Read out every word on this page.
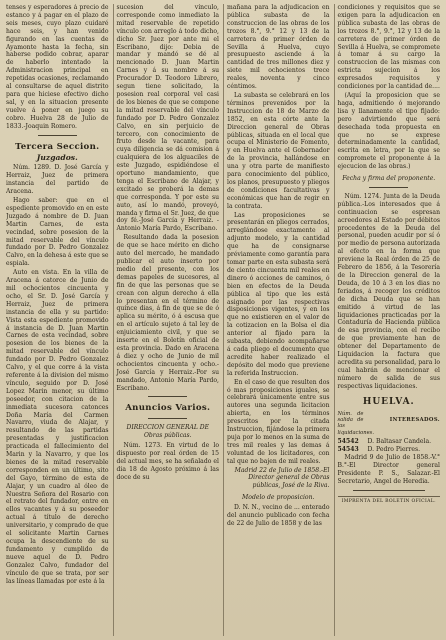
tenses y esperadores á precio de estanco y á pagar en el plazo de seis meses, cuyo plazo cuidaré hace seis, y han venido figurando en las cuentas de Ayamonte hasta la fecha, sin haberse podido cobrar, aparar de haberlo intentado la Administracion principal en repetidas ocasiones, reclamando al consultarse de aquel distrito para que hiciese efectivo dicho sal, y en la situacion presente vuelve á poner en juego su cobro. Huelva 28 de Julio de 1833.-Joaquin Romero.

Tercera Seccion.
Juzgados.

Núm. 1289. D. José García y Herraiz, Juez de primera instancia del partido de Aracena.

Hago saber: que en el espediente promovido en en este Juzgado á nombre de D. Juan Martin Carnes, de esta vecindad, sobre posesion de la mitad reservable del vínculo fundado por D. Pedro Gonzalez Calvo, en la dehesa á este que se espiala.

Auto en vista. En la villa de Aracena á catorce de Junio de mil ochocientos cincuenta y ocho, el Sr. D. José García y Herraiz, Juez de primera instancia de ella y su partido: Vista esta espediente promovido á instancia de D. Juan Martin Carnes de esta vecindad, sobre posesion de los bienes de la mitad reservable del vínculo fundado por D. Pedro Gonzalez Calvo, y el que corre á la vista referente á la division del mismo vínculo, seguido por D. José Lopez Marin menor, su último poseedor, con citacion de la inmediata sucesora catonces Doña María del Carmen Navarro, viuda de Alajar, y resultando de las partidas presentadas y justificacion practicada el fallecimiento del Marin y la Navarro, y que los bienes de la mitad reservable corresponden en un último, sito del Gayo, término de esta de Alajar, y un cuadro al óleo de Nuestra Señora del Rosario con el retrato del fundador, entre en ellos vacantes y á su poseedor actual á título de derecho universitario, y comprado de que el solicitante Martin Carnes ocupa la descendiente de su fundamento y cumplido de nueve aquel de D. Pedro Gonzalez Calvo, fundador del vínculo de que se trata, por ser las líneas llamadas por este á la

sucesion del vínculo, corresponde como inmediato la mitad reservable de repetido vínculo con arreglo á todo dicho, dicho Sr. Juez por ante mi el Escribano, dijo: Debia de mandar y mandó se dé al mencionado D. Juan Martin Carnes y á su nombre á su Procurador D. Teodoro Librero, segun tiene solicitado, la posesion real corporal vel casi de los bienes de que se compone la mitad reservable del vínculo fundado por D. Pedro Gonzalez Calvo, en sin perjuicio de tercero, con conocimiento de fruto desde la vacante, para cuya diligencia se dá comision á cualquiera de los alguaciles de este Juzgado, espidiéndose el oportuno mandamiento, que tenga el Escribano de Alajar, y excitado se proberá la demas que corresponda. Y por este su auto, así lo mandó, proveyó, manda y firma el Sr. Juez, de que doy fé.-José García y Herraiz. -Antonio María Pardo, Escribano.

Resultando dada la posesion de que se hace mérito en dicho auto del mercado, he mandado publicar el auto inserto por medio del presente, con los demas papeles de sucesores, al fin de que las personas que se crean con algun derecho á ella lo presentan en el término de quince dias, á fin de que se de ó aplica su mérito, ó á escusa que en el artículo sujeto á tal ley de enjuiciamiento civil, y que se inserte en el Boletín oficial de esta provincia. Dado en Aracena á diez y ocho de Junio de mil ochocientos cincuenta y ocho.-José García y Herraiz.-Por su mandado, Antonio María Pardo, Escribano.

Anuncios Varios.
DIRECCION GENERAL DE Obras públicas.

Núm. 1273. En virtud de lo dispuesto por real órden de 15 del actual mes, se ha señalado el dia 18 de Agosto próximo á las doce de su

mañana para la adjudicacion en pública subasta de la construccion de las obras de los trozos 8.°, 9.° 12 y 13 de la carretera de primer órden de Sevilla á Huelva, cuyo presupuesto asciende á la cantidad de tres millones diez y siete mil ochocientos trece reales, noventa y cinco céntimos.

La subasta se celebrará en los términos prevenidos por la Instruccion de 18 de Marzo de 1852, en esta córte ante la Direccion general de Obras públicas, situada en el local que ocupa el Ministerio de Fomento, y en Huelva ante el Gobernador de la provincia, hallándose en una y otra parte de manifiesto para conocimiento del público, los planos, presupuesto y pliegos de condiciones facultativas y económicas que han de regir en la contrata.

Las proposiciones se presentarán en pliegos cerrados, arreglándose exactamente al adjunto modelo, y la cantidad que ha de consignarse préviamente como garantía para tomar parte en esta subasta será de ciento cincuenta mil reales en dinero ó acciones de caminos, ó bien en efectos de la Deuda pública al tipo que les está asignado por las respectivas disposiciones vigentes, y en los que no existieren en el valor de la cotizacion en la Bolsa el dia anterior al fijado para la subasta, debiendo acompañarse á cada pliego el documento que acredite haber realizado el depósito del modo que previene la referida Instruccion.

En el caso de que resulten dos ó mas proposiciones iguales, se celebrará únicamente entre sus autores una segunda licitacion abierta, en los términos prescritos por la citada Instruccion, fijándose la primera puja por lo menos en la suma de tres mil reales y las demas á voluntad de los licitadores, con tal que no bajen de mil reales.

Madrid 22 de Julio de 1858.-El Director general de Obras públicas, José de la Riva.

Modelo de proposicion.

D. N. N., vecino de ... enterado del anuncio publicado con fecha de 22 de Julio de 1858 y de las

condiciones y requisitos que se exigen para la adjudicacion en pública subasta de las obras de los trozos 8.°, 9.°, 12 y 13 de la carretera de primer órden de Sevilla á Huelva, se compromete á tomar á su cargo la construccion de las mismas con estricta sujecion á los expresados requisitos y condiciones por la cantidad de....

(Aquí la proposicion que se haga, admitiendo ó mejorando lisa y llanamente el tipo fijado: pero advirtiendo que será desechada toda propuesta en que no se exprese determinadamente la cantidad, escrita en letra, por la que se compromete el proponente á la ejecucion de las obras.)

Fecha y firma del proponente.

Núm. 1274. Junta de la Deuda pública.-Los interesados que á continuacion se espresan acreedores al Estado por débitos procedentes de la Deuda del personal, pueden acudir por sí ó por medio de persona autorizada al efecto en la forma que previene la Real órden de 25 de Febrero de 1856, á la Tesorería de la Direccion general de la Deuda, de 10 á 3 en los dias no feriados, á recoger los créditos de dicha Deuda que se han emitido á virtud de las liquidaciones practicadas por la Contaduría de Hacienda pública de esa provincia, con el recibo de que previamente han de obtener del Departamento de Liquidacion la factura que acredita su personalidad, para lo cual habrán de mencionar el número de salida de sus respectivas liquidaciones.

HUELVA.
Núm. de salida de las liquidaciones.
INTERESADOS.
54542	D. Baltasar Candela.
54543	D. Pedro Pierres.

Madrid 9 de Julio de 1858.-V.° B.°-El Director general Presidente P. S., Salazar.-El Secretario, Angel de Heredia.

IMPRENTA DEL BOLETIN OFICIAL.
